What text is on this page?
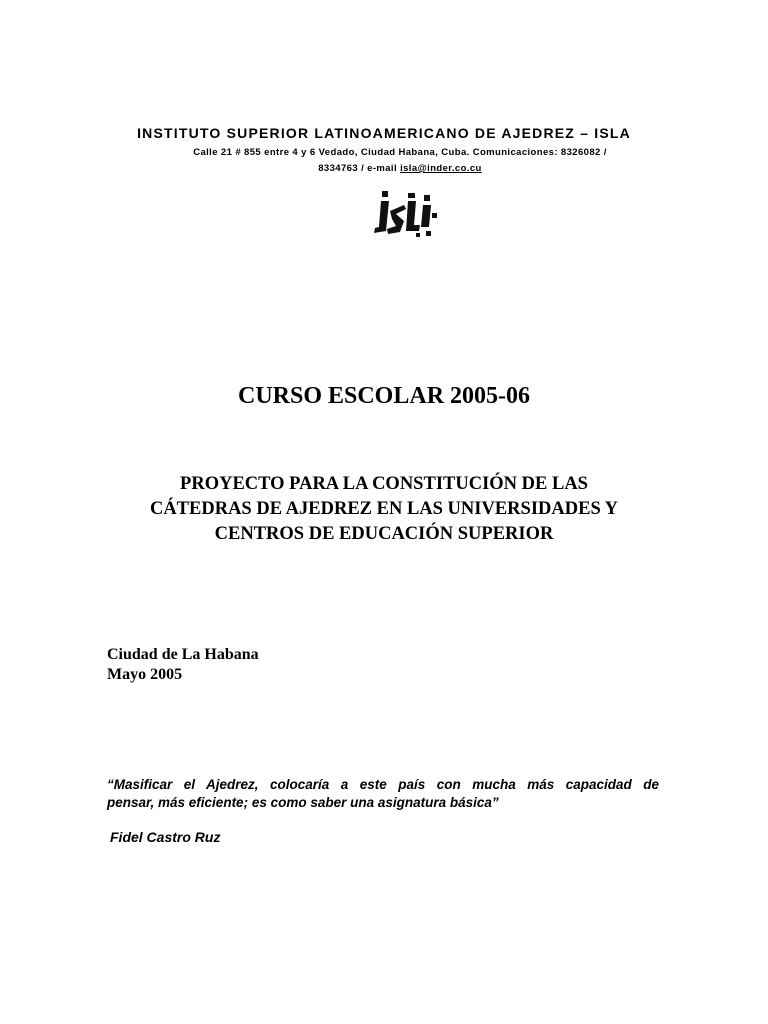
INSTITUTO SUPERIOR LATINOAMERICANO DE AJEDREZ – ISLA
Calle 21 # 855 entre 4 y 6 Vedado, Ciudad Habana, Cuba. Comunicaciones: 8326082 /
8334763 / e-mail isla@inder.co.cu
CURSO ESCOLAR 2005-06
PROYECTO PARA LA CONSTITUCIÓN DE LAS
CÁTEDRAS DE AJEDREZ EN LAS UNIVERSIDADES Y
CENTROS DE EDUCACIÓN SUPERIOR
Ciudad de La Habana
Mayo 2005
“Masificar el Ajedrez, colocaría a este país con mucha más capacidad de
pensar, más eficiente; es como saber una asignatura básica”
Fidel Castro Ruz
